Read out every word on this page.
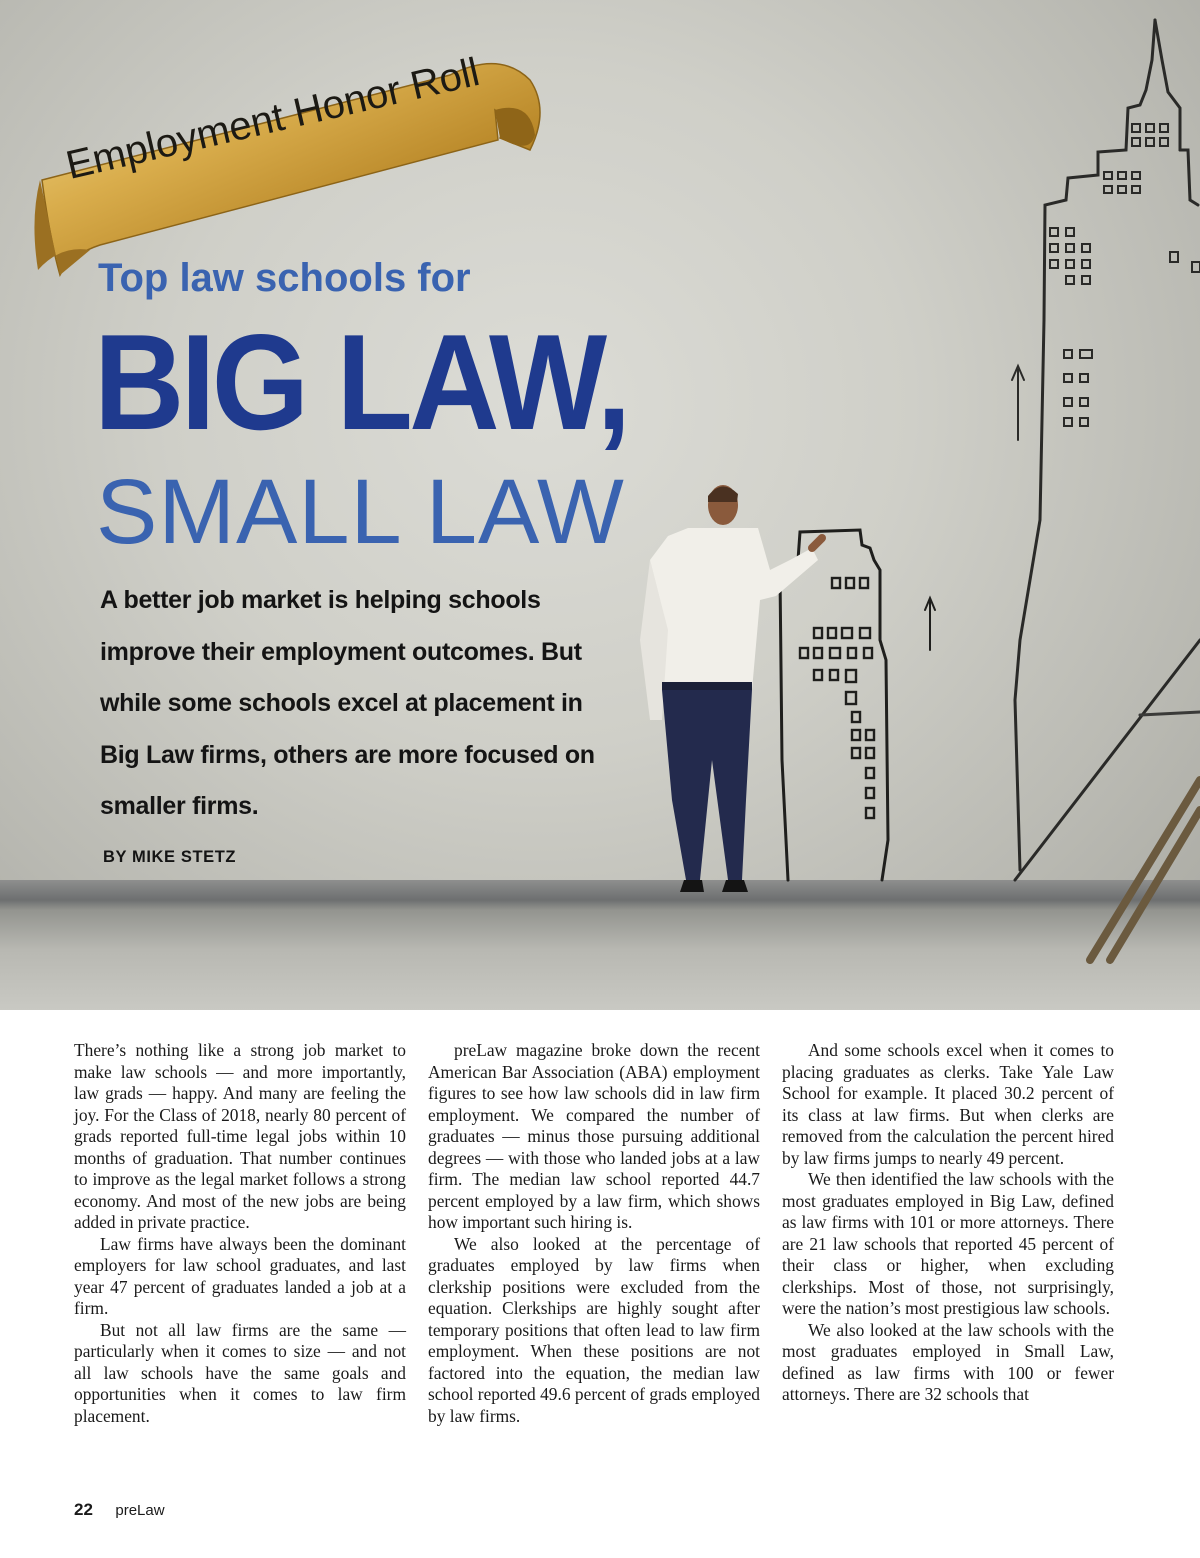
Employment Honor Roll
Top law schools for
BIG LAW,
SMALL LAW
A better job market is helping schools improve their employment outcomes. But while some schools excel at placement in Big Law firms, others are more focused on smaller firms.
BY MIKE STETZ

There’s nothing like a strong job market to make law schools — and more importantly, law grads — happy. And many are feeling the joy. For the Class of 2018, nearly 80 percent of grads reported full-time legal jobs within 10 months of graduation. That number continues to improve as the legal market follows a strong economy. And most of the new jobs are being added in private practice.

Law firms have always been the dominant employers for law school graduates, and last year 47 percent of graduates landed a job at a firm.

But not all law firms are the same — particularly when it comes to size — and not all law schools have the same goals and opportunities when it comes to law firm placement.

preLaw magazine broke down the recent American Bar Association (ABA) employment figures to see how law schools did in law firm employment. We compared the number of graduates — minus those pursuing additional degrees — with those who landed jobs at a law firm. The median law school reported 44.7 percent employed by a law firm, which shows how important such hiring is.

We also looked at the percentage of graduates employed by law firms when clerkship positions were excluded from the equation. Clerkships are highly sought after temporary positions that often lead to law firm employment. When these positions are not factored into the equation, the median law school reported 49.6 percent of grads employed by law firms.

And some schools excel when it comes to placing graduates as clerks. Take Yale Law School for example. It placed 30.2 percent of its class at law firms. But when clerks are removed from the calculation the percent hired by law firms jumps to nearly 49 percent.

We then identified the law schools with the most graduates employed in Big Law, defined as law firms with 101 or more attorneys. There are 21 law schools that reported 45 percent of their class or higher, when excluding clerkships. Most of those, not surprisingly, were the nation’s most prestigious law schools.

We also looked at the law schools with the most graduates employed in Small Law, defined as law firms with 100 or fewer attorneys. There are 32 schools that

22 preLaw
